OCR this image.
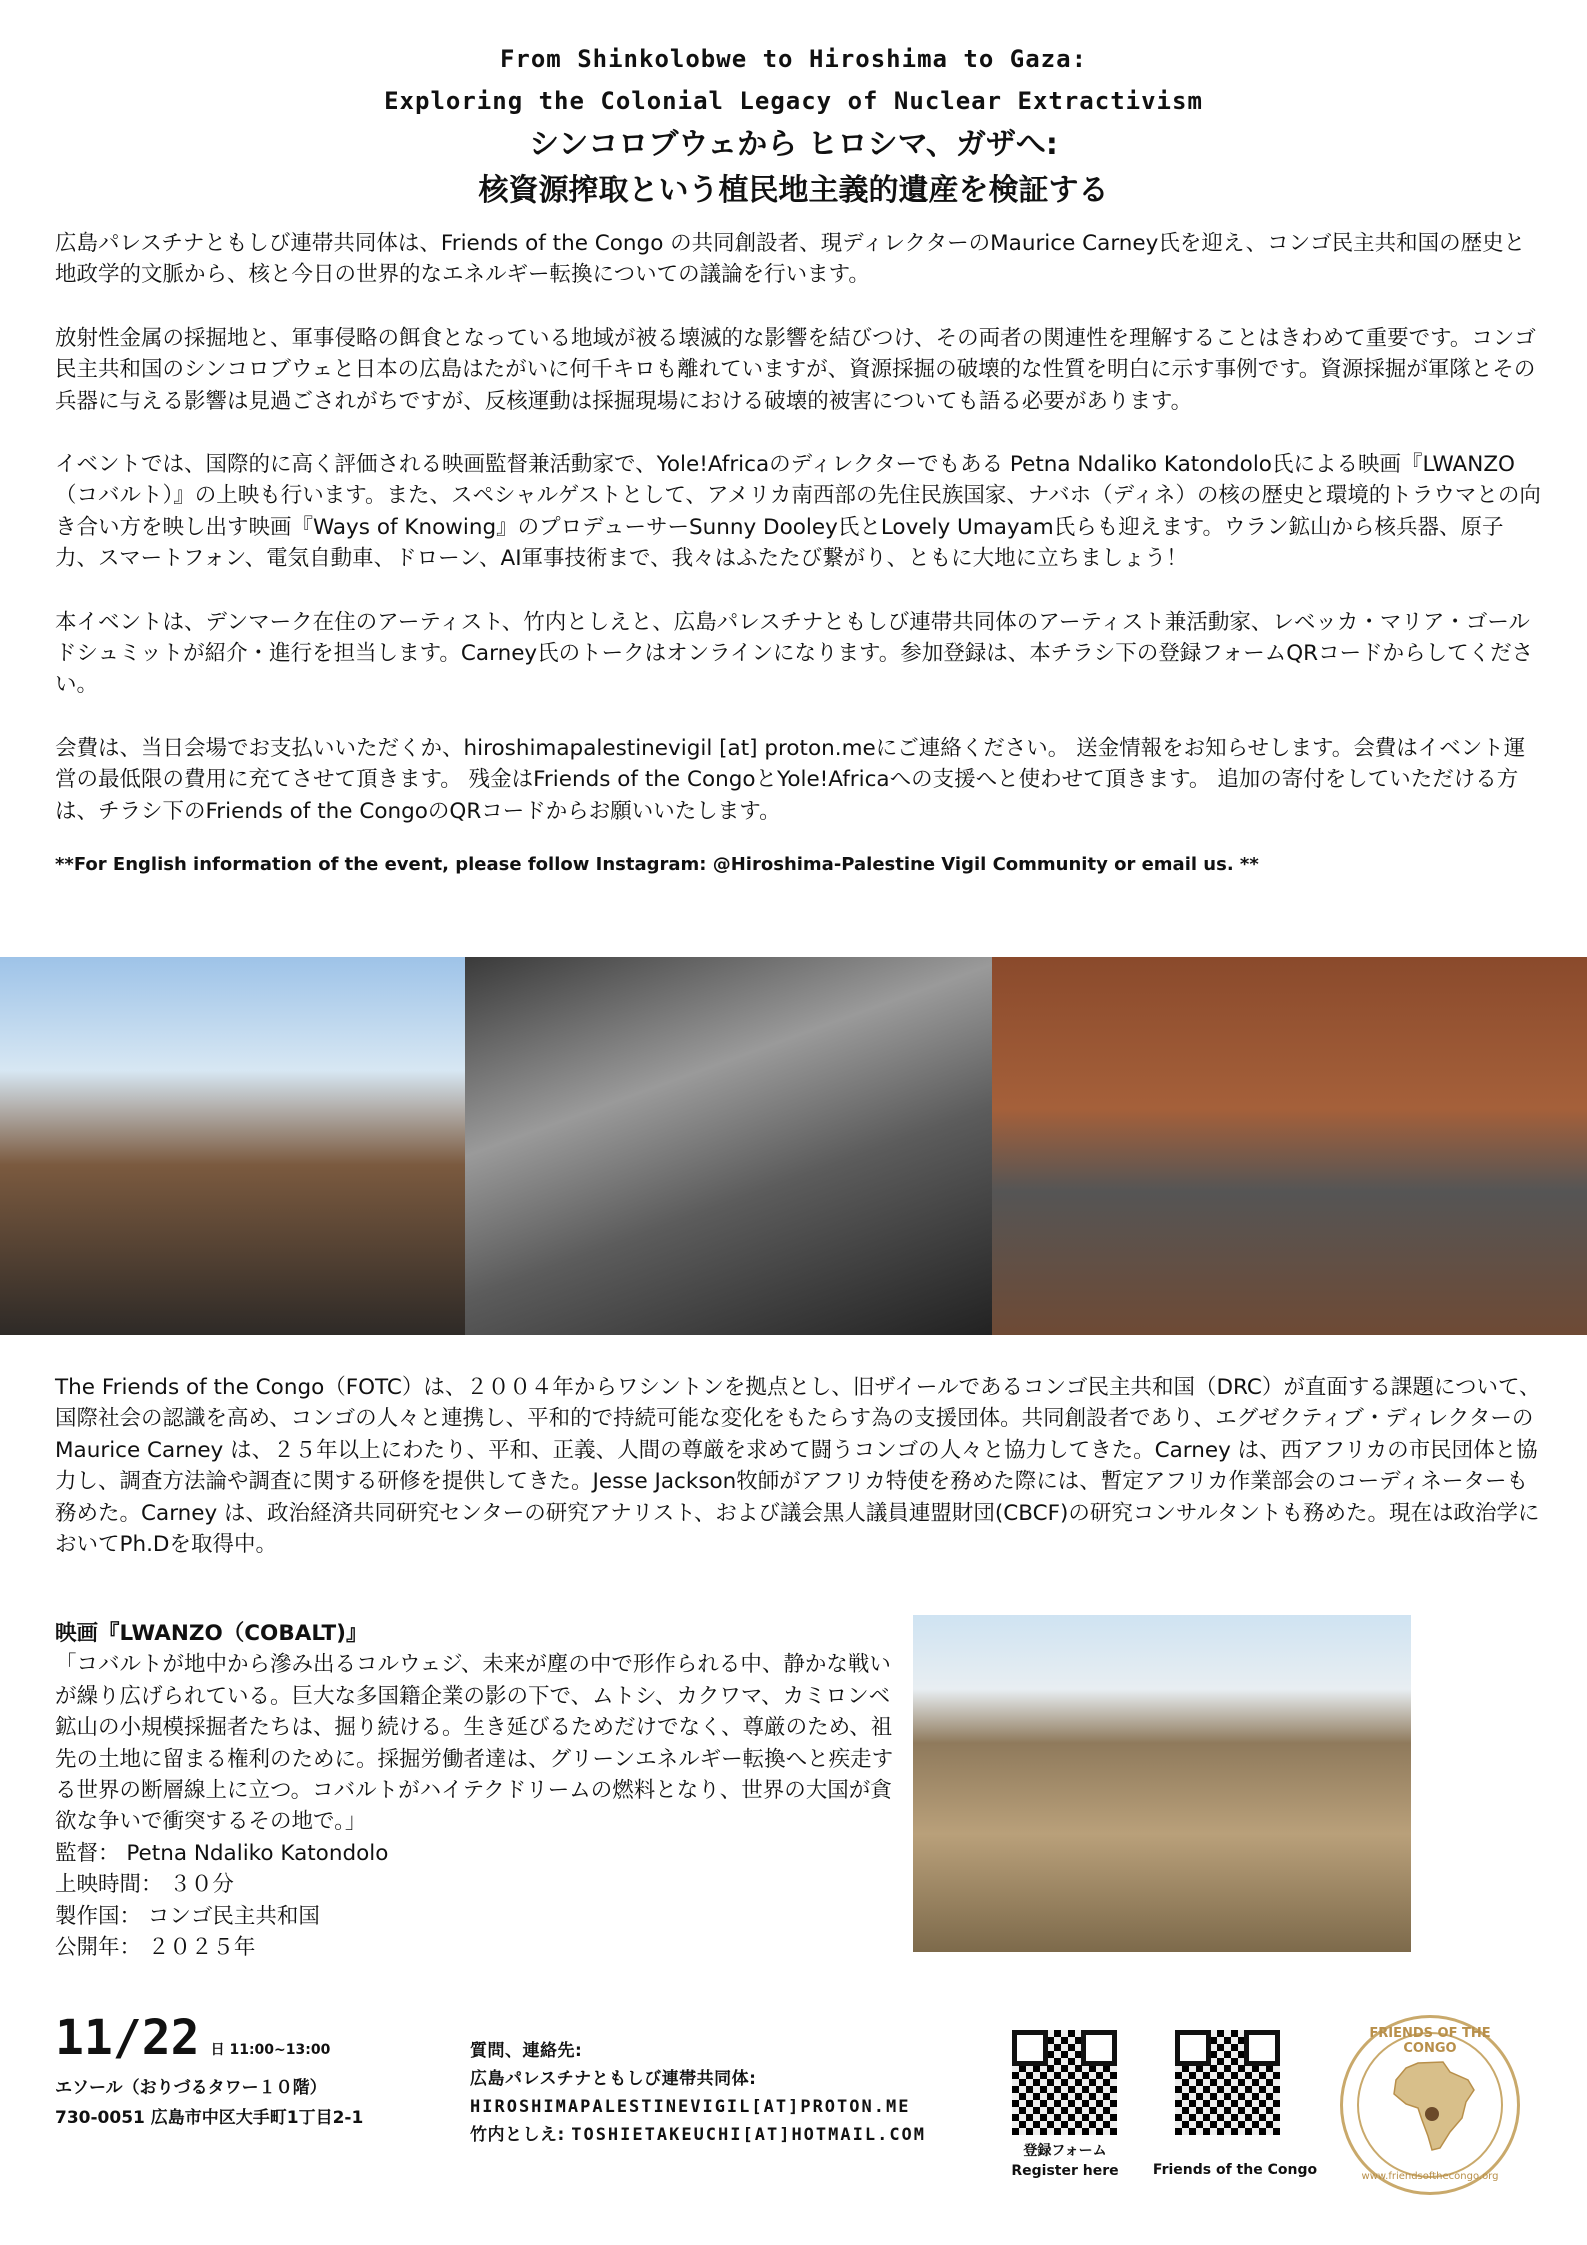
From Shinkolobwe to Hiroshima to Gaza:
Exploring the Colonial Legacy of Nuclear Extractivism
シンコロブウェから ヒロシマ、ガザへ:
核資源搾取という植民地主義的遺産を検証する

広島パレスチナともしび連帯共同体は、Friends of the Congo の共同創設者、現ディレクターのMaurice Carney氏を迎え、コンゴ民主共和国の歴史と地政学的文脈から、核と今日の世界的なエネルギー転換についての議論を行います。

放射性金属の採掘地と、軍事侵略の餌食となっている地域が被る壊滅的な影響を結びつけ、その両者の関連性を理解することはきわめて重要です。コンゴ民主共和国のシンコロブウェと日本の広島はたがいに何千キロも離れていますが、資源採掘の破壊的な性質を明白に示す事例です。資源採掘が軍隊とその兵器に与える影響は見過ごされがちですが、反核運動は採掘現場における破壊的被害についても語る必要があります。

イベントでは、国際的に高く評価される映画監督兼活動家で、Yole!Africaのディレクターでもある Petna Ndaliko Katondolo氏による映画『LWANZO（コバルト）』の上映も行います。また、スペシャルゲストとして、アメリカ南西部の先住民族国家、ナバホ（ディネ）の核の歴史と環境的トラウマとの向き合い方を映し出す映画『Ways of Knowing』のプロデューサーSunny Dooley氏とLovely Umayam氏らも迎えます。ウラン鉱山から核兵器、原子力、スマートフォン、電気自動車、ドローン、AI軍事技術まで、我々はふたたび繋がり、ともに大地に立ちましょう！

本イベントは、デンマーク在住のアーティスト、竹内としえと、広島パレスチナともしび連帯共同体のアーティスト兼活動家、レベッカ・マリア・ゴールドシュミットが紹介・進行を担当します。Carney氏のトークはオンラインになります。参加登録は、本チラシ下の登録フォームQRコードからしてください。

会費は、当日会場でお支払いいただくか、hiroshimapalestinevigil [at] proton.meにご連絡ください。 送金情報をお知らせします。会費はイベント運営の最低限の費用に充てさせて頂きます。 残金はFriends of the CongoとYole!Africaへの支援へと使わせて頂きます。 追加の寄付をしていただける方は、チラシ下のFriends of the CongoのQRコードからお願いいたします。

**For English information of the event, please follow Instagram: @Hiroshima-Palestine Vigil Community or email us. **

The Friends of the Congo（FOTC）は、２００４年からワシントンを拠点とし、旧ザイールであるコンゴ民主共和国（DRC）が直面する課題について、国際社会の認識を高め、コンゴの人々と連携し、平和的で持続可能な変化をもたらす為の支援団体。共同創設者であり、エグゼクティブ・ディレクターのMaurice Carney は、２５年以上にわたり、平和、正義、人間の尊厳を求めて闘うコンゴの人々と協力してきた。Carney は、西アフリカの市民団体と協力し、調査方法論や調査に関する研修を提供してきた。Jesse Jackson牧師がアフリカ特使を務めた際には、暫定アフリカ作業部会のコーディネーターも務めた。Carney は、政治経済共同研究センターの研究アナリスト、および議会黒人議員連盟財団(CBCF)の研究コンサルタントも務めた。現在は政治学においてPh.Dを取得中。
映画『LWANZO（COBALT)』
「コバルトが地中から滲み出るコルウェジ、未来が塵の中で形作られる中、静かな戦いが繰り広げられている。巨大な多国籍企業の影の下で、ムトシ、カクワマ、カミロンベ鉱山の小規模採掘者たちは、掘り続ける。生き延びるためだけでなく、尊厳のため、祖先の土地に留まる権利のために。採掘労働者達は、グリーンエネルギー転換へと疾走する世界の断層線上に立つ。コバルトがハイテクドリームの燃料となり、世界の大国が貪欲な争いで衝突するその地で。」
監督： Petna Ndaliko Katondolo
上映時間： ３０分
製作国： コンゴ民主共和国
公開年： ２０２５年
11/22 日 11:00~13:00
エソール（おりづるタワー１０階）
730-0051 広島市中区大手町1丁目2-1
質問、連絡先:
広島パレスチナともしび連帯共同体:
HIROSHIMAPALESTINEVIGIL[AT]PROTON.ME
竹内としえ: TOSHIETAKEUCHI[AT]HOTMAIL.COM
登録フォーム
Register here	Friends of the Congo
FRIENDS OF THE CONGO
www.friendsofthecongo.org
